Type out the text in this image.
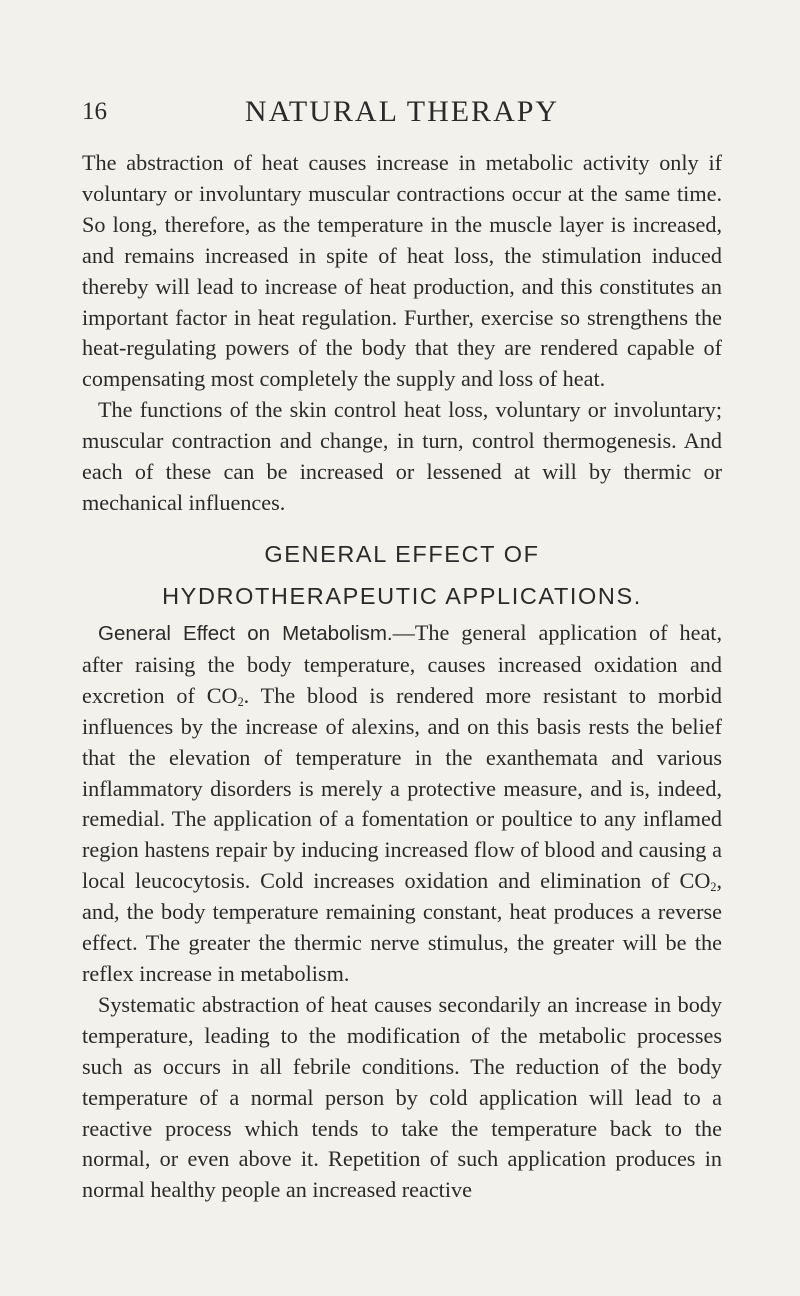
16	NATURAL THERAPY

The abstraction of heat causes increase in metabolic activity only if voluntary or involuntary muscular contractions occur at the same time. So long, therefore, as the temperature in the muscle layer is increased, and remains increased in spite of heat loss, the stimulation induced thereby will lead to increase of heat production, and this constitutes an important factor in heat regulation. Further, exercise so strengthens the heat-regulating powers of the body that they are rendered capable of compensating most completely the supply and loss of heat.

The functions of the skin control heat loss, voluntary or involuntary; muscular contraction and change, in turn, control thermogenesis. And each of these can be increased or lessened at will by thermic or mechanical influences.

GENERAL EFFECT OF
HYDROTHERAPEUTIC APPLICATIONS.

General Effect on Metabolism.—The general application of heat, after raising the body temperature, causes increased oxidation and excretion of $CO_2$. The blood is rendered more resistant to morbid influences by the increase of alexins, and on this basis rests the belief that the elevation of temperature in the exanthemata and various inflammatory disorders is merely a protective measure, and is, indeed, remedial. The application of a fomentation or poultice to any inflamed region hastens repair by inducing increased flow of blood and causing a local leucocytosis. Cold increases oxidation and elimination of $CO_2$, and, the body temperature remaining constant, heat produces a reverse effect. The greater the thermic nerve stimulus, the greater will be the reflex increase in metabolism.

Systematic abstraction of heat causes secondarily an increase in body temperature, leading to the modification of the metabolic processes such as occurs in all febrile conditions. The reduction of the body temperature of a normal person by cold application will lead to a reactive process which tends to take the temperature back to the normal, or even above it. Repetition of such application produces in normal healthy people an increased reactive
